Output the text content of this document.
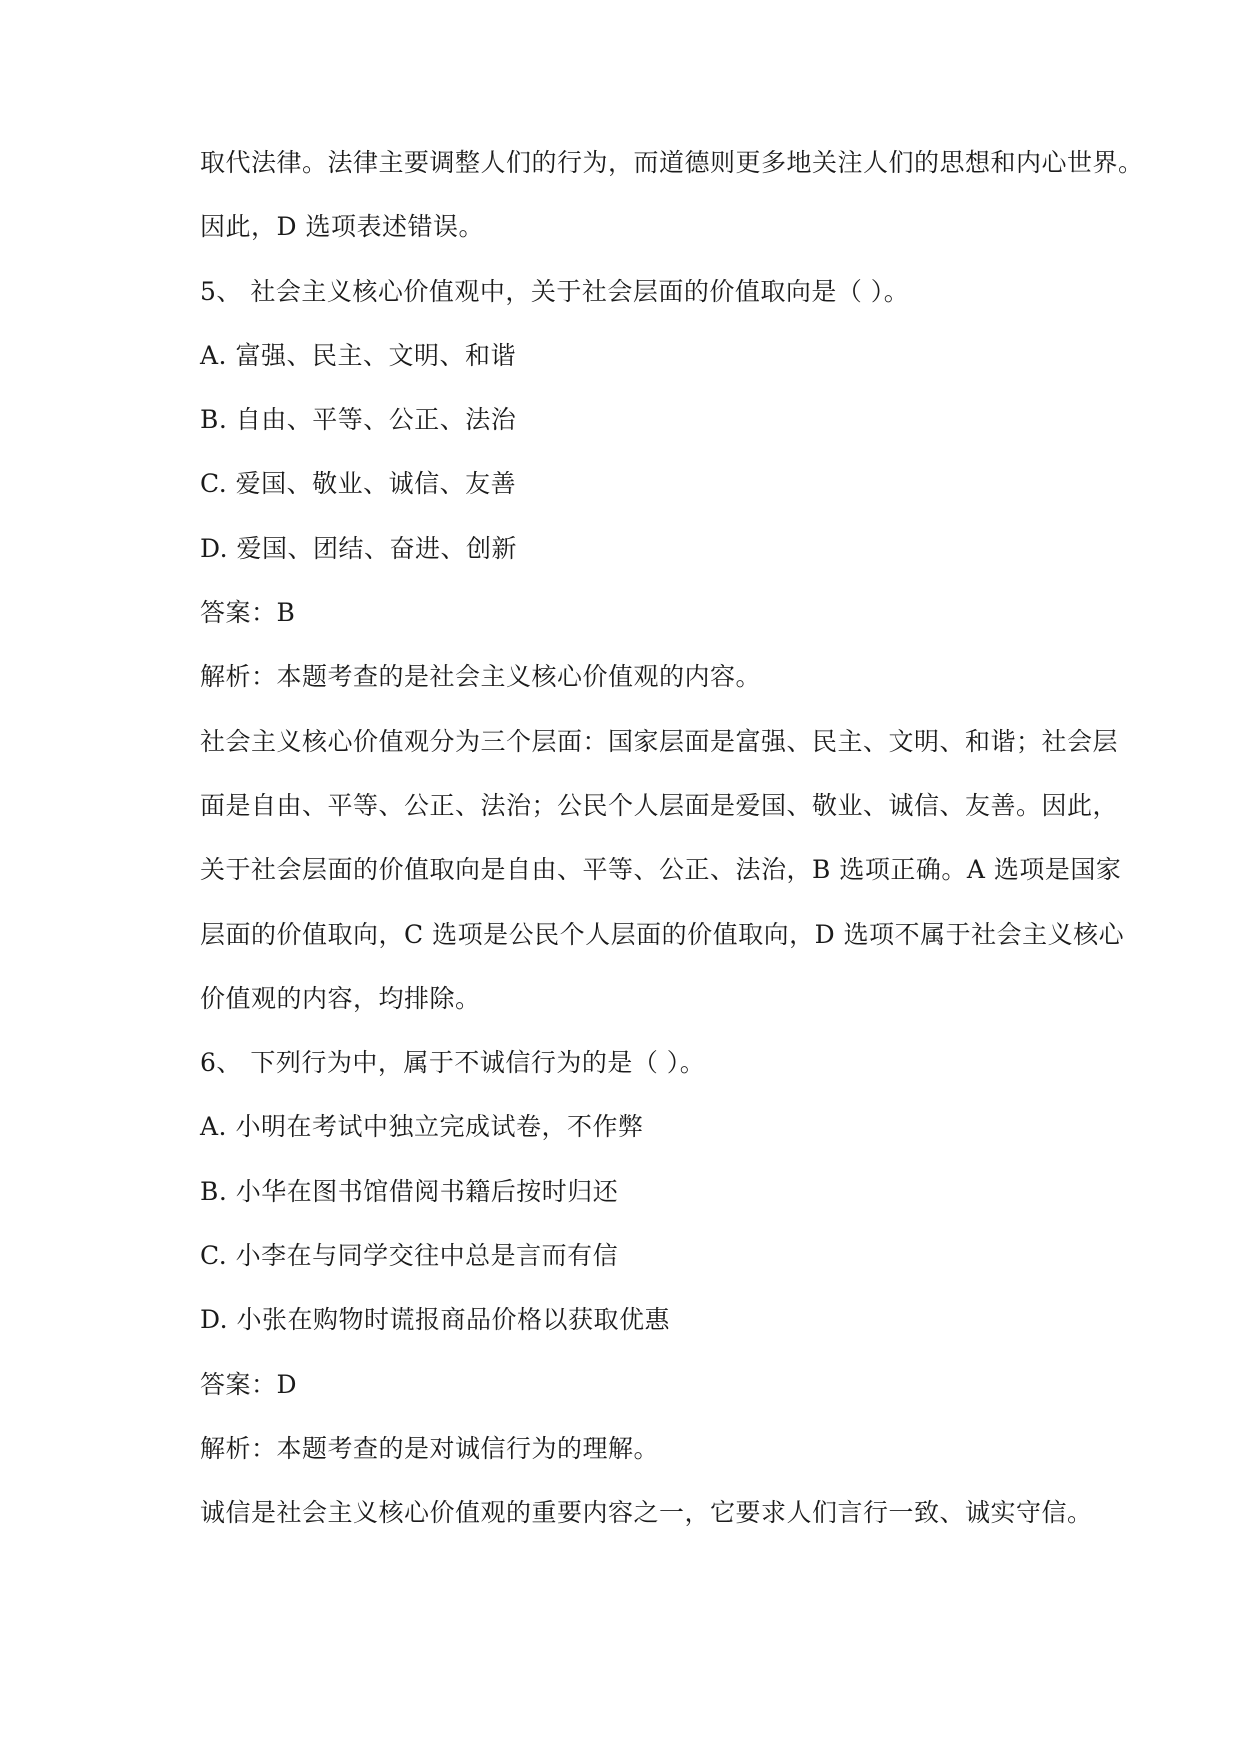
取代法律。法律主要调整人们的行为，而道德则更多地关注人们的思想和内心世界。
因此，D 选项表述错误。
5、 社会主义核心价值观中，关于社会层面的价值取向是（ ）。
A. 富强、民主、文明、和谐
B. 自由、平等、公正、法治
C. 爱国、敬业、诚信、友善
D. 爱国、团结、奋进、创新
答案：B
解析：本题考查的是社会主义核心价值观的内容。
社会主义核心价值观分为三个层面：国家层面是富强、民主、文明、和谐；社会层
面是自由、平等、公正、法治；公民个人层面是爱国、敬业、诚信、友善。因此，
关于社会层面的价值取向是自由、平等、公正、法治，B 选项正确。A 选项是国家
层面的价值取向，C 选项是公民个人层面的价值取向，D 选项不属于社会主义核心
价值观的内容，均排除。
6、 下列行为中，属于不诚信行为的是（ ）。
A. 小明在考试中独立完成试卷，不作弊
B. 小华在图书馆借阅书籍后按时归还
C. 小李在与同学交往中总是言而有信
D. 小张在购物时谎报商品价格以获取优惠
答案：D
解析：本题考查的是对诚信行为的理解。
诚信是社会主义核心价值观的重要内容之一，它要求人们言行一致、诚实守信。
